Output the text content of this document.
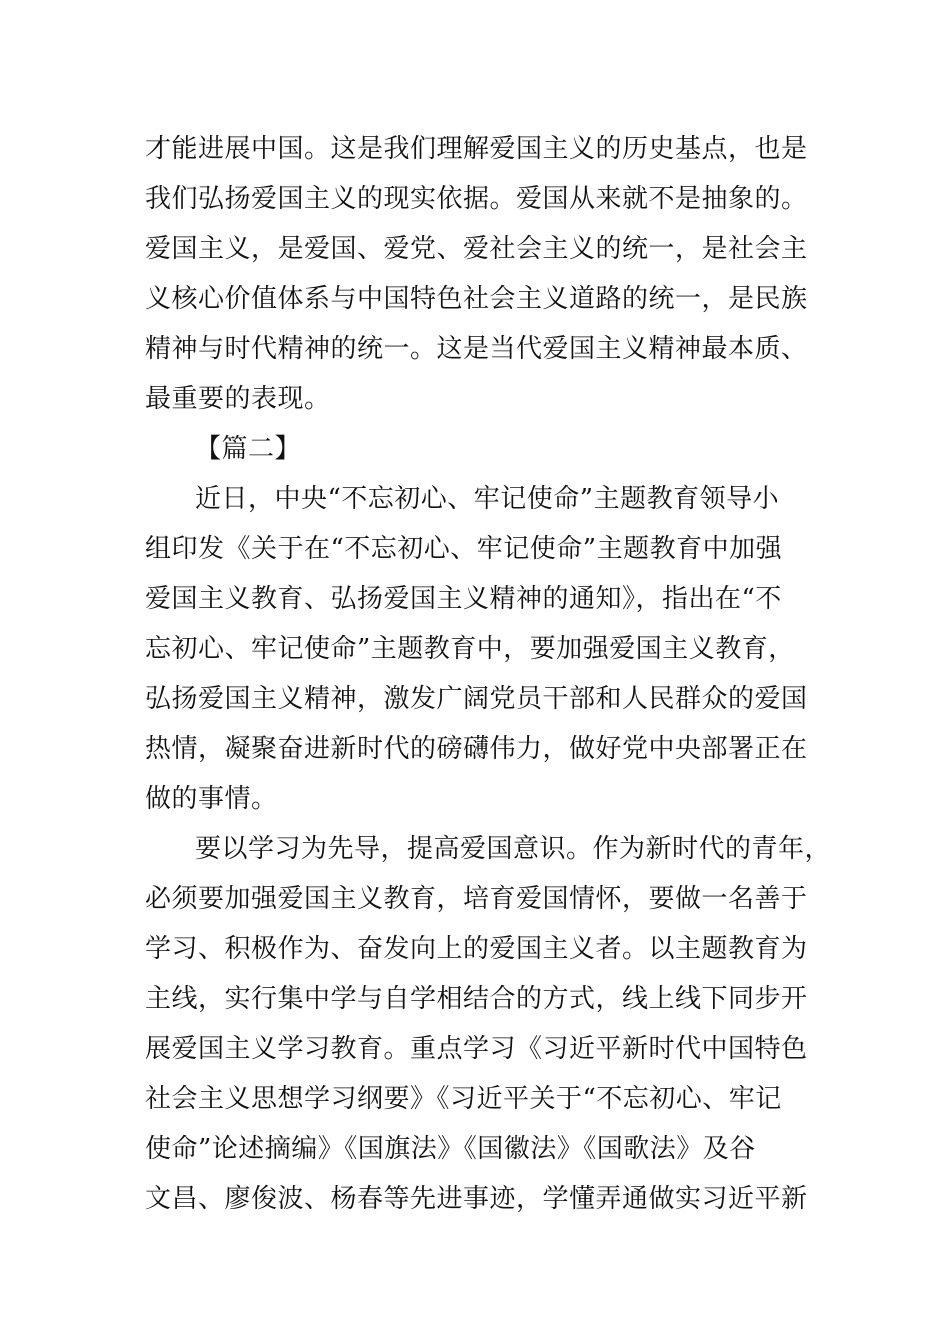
才能进展中国。这是我们理解爱国主义的历史基点，也是
我们弘扬爱国主义的现实依据。爱国从来就不是抽象的。
爱国主义，是爱国、爱党、爱社会主义的统一，是社会主
义核心价值体系与中国特色社会主义道路的统一，是民族
精神与时代精神的统一。这是当代爱国主义精神最本质、
最重要的表现。
【篇二】
近日，中央“不忘初心、牢记使命”主题教育领导小
组印发《关于在“不忘初心、牢记使命”主题教育中加强
爱国主义教育、弘扬爱国主义精神的通知》，指出在“不
忘初心、牢记使命”主题教育中，要加强爱国主义教育，
弘扬爱国主义精神，激发广阔党员干部和人民群众的爱国
热情，凝聚奋进新时代的磅礴伟力，做好党中央部署正在
做的事情。
要以学习为先导，提高爱国意识。作为新时代的青年，
必须要加强爱国主义教育，培育爱国情怀，要做一名善于
学习、积极作为、奋发向上的爱国主义者。以主题教育为
主线，实行集中学与自学相结合的方式，线上线下同步开
展爱国主义学习教育。重点学习《习近平新时代中国特色
社会主义思想学习纲要》《习近平关于“不忘初心、牢记
使命”论述摘编》《国旗法》《国徽法》《国歌法》及谷
文昌、廖俊波、杨春等先进事迹，学懂弄通做实习近平新
